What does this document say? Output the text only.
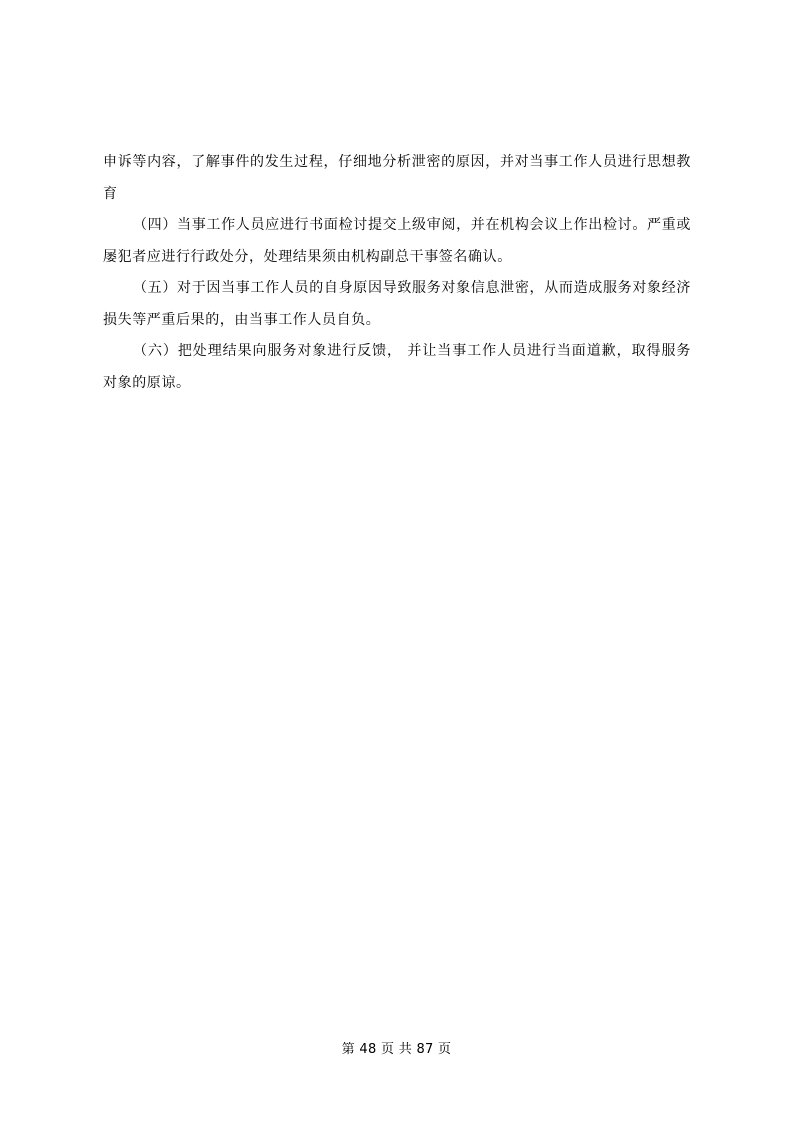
申诉等内容，了解事件的发生过程，仔细地分析泄密的原因，并对当事工作人员进行思想教育

（四）当事工作人员应进行书面检讨提交上级审阅，并在机构会议上作出检讨。严重或屡犯者应进行行政处分，处理结果须由机构副总干事签名确认。

（五）对于因当事工作人员的自身原因导致服务对象信息泄密，从而造成服务对象经济损失等严重后果的，由当事工作人员自负。

（六）把处理结果向服务对象进行反馈， 并让当事工作人员进行当面道歉，取得服务对象的原谅。

第 48 页 共 87 页
